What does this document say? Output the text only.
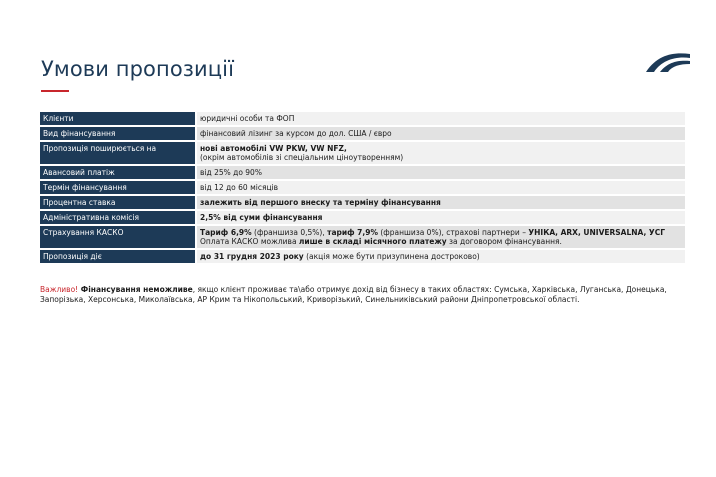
Умови пропозиції
Клієнти	юридичні особи та ФОП
Вид фінансування	фінансовий лізинг за курсом до дол. США / євро
Пропозиція поширюється на	нові автомобілі VW PKW, VW NFZ,
(окрім автомобілів зі спеціальним ціноутворенням)
Авансовий платіж	від 25% до 90%
Термін фінансування	від 12 до 60 місяців
Процентна ставка	залежить від першого внеску та терміну фінансування
Адміністративна комісія	2,5% від суми фінансування
Страхування КАСКО	Тариф 6,9% (франшиза 0,5%), тариф 7,9% (франшиза 0%), страхові партнери – УНІКА, ARX, UNIVERSALNA, УСГ
Оплата КАСКО можлива лише в складі місячного платежу за договором фінансування.
Пропозиція діє	до 31 грудня 2023 року (акція може бути призупинена достроково)
Важливо! Фінансування неможливе, якщо клієнт проживає та\або отримує дохід від бізнесу в таких областях: Сумська, Харківська, Луганська, Донецька, Запорізька, Херсонська, Миколаївська, АР Крим та Нікопольський, Криворізький, Синельниківський райони Дніпропетровської області.
